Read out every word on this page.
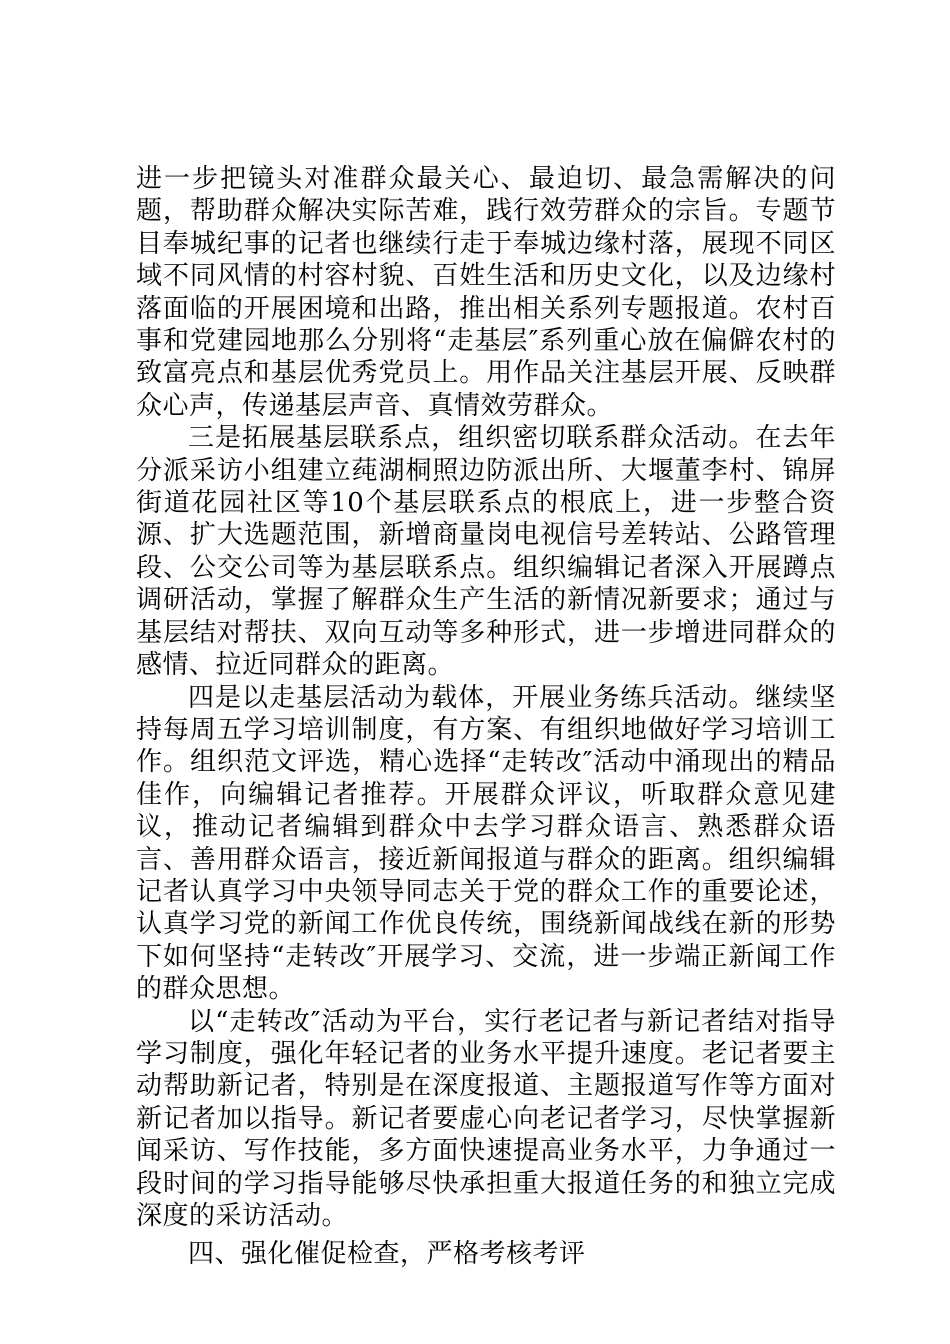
进一步把镜头对准群众最关心、最迫切、最急需解决的问题，帮助群众解决实际苦难，践行效劳群众的宗旨。专题节目奉城纪事的记者也继续行走于奉城边缘村落，展现不同区域不同风情的村容村貌、百姓生活和历史文化，以及边缘村落面临的开展困境和出路，推出相关系列专题报道。农村百事和党建园地那么分别将“走基层″系列重心放在偏僻农村的致富亮点和基层优秀党员上。用作品关注基层开展、反映群众心声，传递基层声音、真情效劳群众。

三是拓展基层联系点，组织密切联系群众活动。在去年分派采访小组建立莼湖桐照边防派出所、大堰董李村、锦屏街道花园社区等10个基层联系点的根底上，进一步整合资源、扩大选题范围，新增商量岗电视信号差转站、公路管理段、公交公司等为基层联系点。组织编辑记者深入开展蹲点调研活动，掌握了解群众生产生活的新情况新要求；通过与基层结对帮扶、双向互动等多种形式，进一步增进同群众的感情、拉近同群众的距离。

四是以走基层活动为载体，开展业务练兵活动。继续坚持每周五学习培训制度，有方案、有组织地做好学习培训工作。组织范文评选，精心选择“走转改″活动中涌现出的精品佳作，向编辑记者推荐。开展群众评议，听取群众意见建议，推动记者编辑到群众中去学习群众语言、熟悉群众语言、善用群众语言，接近新闻报道与群众的距离。组织编辑记者认真学习中央领导同志关于党的群众工作的重要论述，认真学习党的新闻工作优良传统，围绕新闻战线在新的形势下如何坚持“走转改″开展学习、交流，进一步端正新闻工作的群众思想。

以“走转改″活动为平台，实行老记者与新记者结对指导学习制度，强化年轻记者的业务水平提升速度。老记者要主动帮助新记者，特别是在深度报道、主题报道写作等方面对新记者加以指导。新记者要虚心向老记者学习，尽快掌握新闻采访、写作技能，多方面快速提高业务水平，力争通过一段时间的学习指导能够尽快承担重大报道任务的和独立完成深度的采访活动。

四、强化催促检查，严格考核考评
